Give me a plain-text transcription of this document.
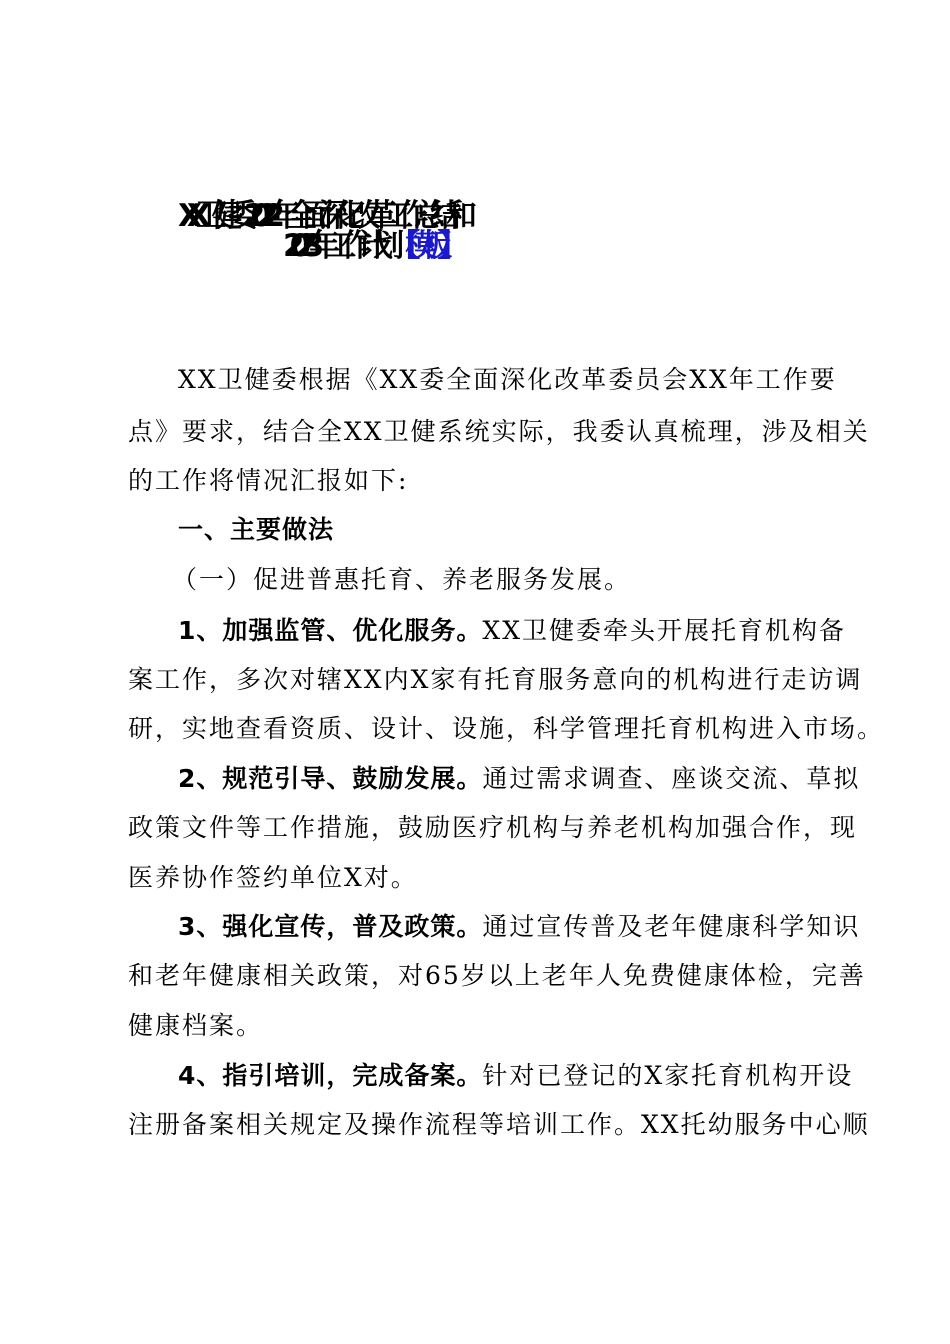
XX卫健委2022年全面深化改革工作总结和
2023年工作计划【模板】
XX卫健委根据《XX委全面深化改革委员会XX年工作要
点》要求，结合全XX卫健系统实际，我委认真梳理，涉及相关
的工作将情况汇报如下:
一、主要做法
（一）促进普惠托育、养老服务发展。
1、加强监管、优化服务。XX卫健委牵头开展托育机构备
案工作，多次对辖XX内X家有托育服务意向的机构进行走访调
研，实地查看资质、设计、设施，科学管理托育机构进入市场。
2、规范引导、鼓励发展。通过需求调查、座谈交流、草拟
政策文件等工作措施，鼓励医疗机构与养老机构加强合作，现
医养协作签约单位X对。
3、强化宣传，普及政策。通过宣传普及老年健康科学知识
和老年健康相关政策，对65岁以上老年人免费健康体检，完善
健康档案。
4、指引培训，完成备案。针对已登记的X家托育机构开设
注册备案相关规定及操作流程等培训工作。XX托幼服务中心顺
